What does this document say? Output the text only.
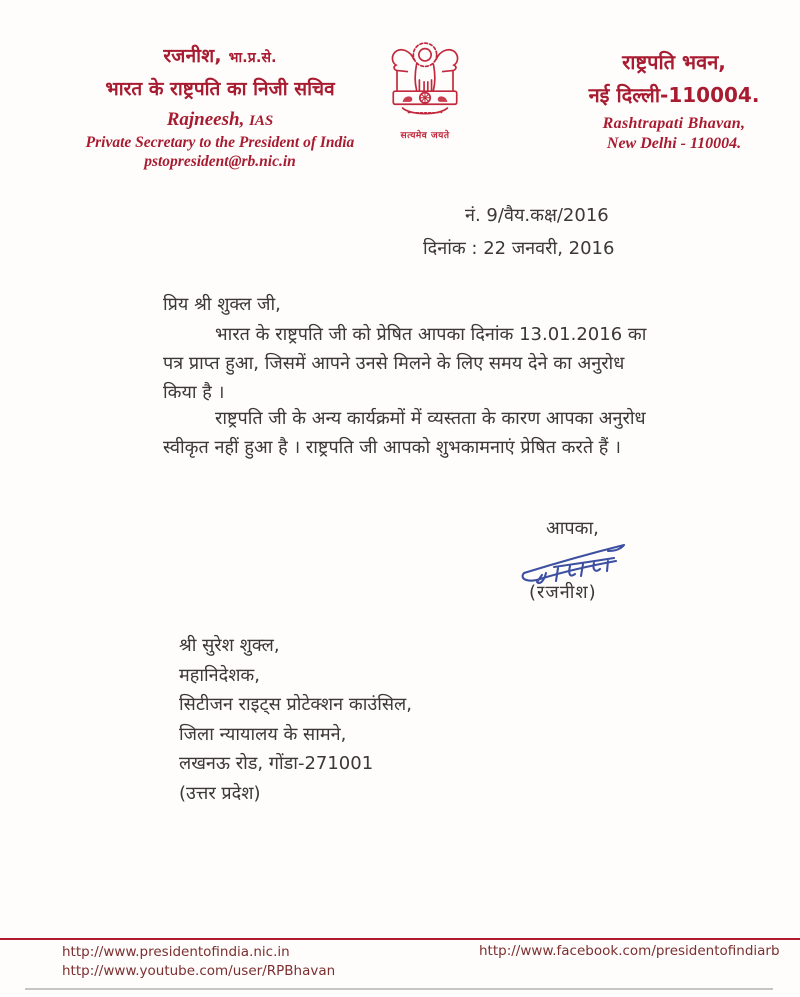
रजनीश, भा.प्र.से.
भारत के राष्ट्रपति का निजी सचिव
Rajneesh, IAS
Private Secretary to the President of India
pstopresident@rb.nic.in
सत्यमेव जयते
राष्ट्रपति भवन,
नई दिल्ली-110004.
Rashtrapati Bhavan,
New Delhi - 110004.
नं. 9/वैय.कक्ष/2016
दिनांक : 22 जनवरी, 2016
प्रिय श्री शुक्ल जी,
भारत के राष्ट्रपति जी को प्रेषित आपका दिनांक 13.01.2016 का पत्र प्राप्त हुआ, जिसमें आपने उनसे मिलने के लिए समय देने का अनुरोध किया है ।
राष्ट्रपति जी के अन्य कार्यक्रमों में व्यस्तता के कारण आपका अनुरोध स्वीकृत नहीं हुआ है । राष्ट्रपति जी आपको शुभकामनाएं प्रेषित करते हैं ।
आपका,
(रजनीश)
श्री सुरेश शुक्ल,
महानिदेशक,
सिटीजन राइट्स प्रोटेक्शन काउंसिल,
जिला न्यायालय के सामने,
लखनऊ रोड, गोंडा-271001
(उत्तर प्रदेश)
http://www.presidentofindia.nic.in
http://www.youtube.com/user/RPBhavan
http://www.facebook.com/presidentofindiarb
